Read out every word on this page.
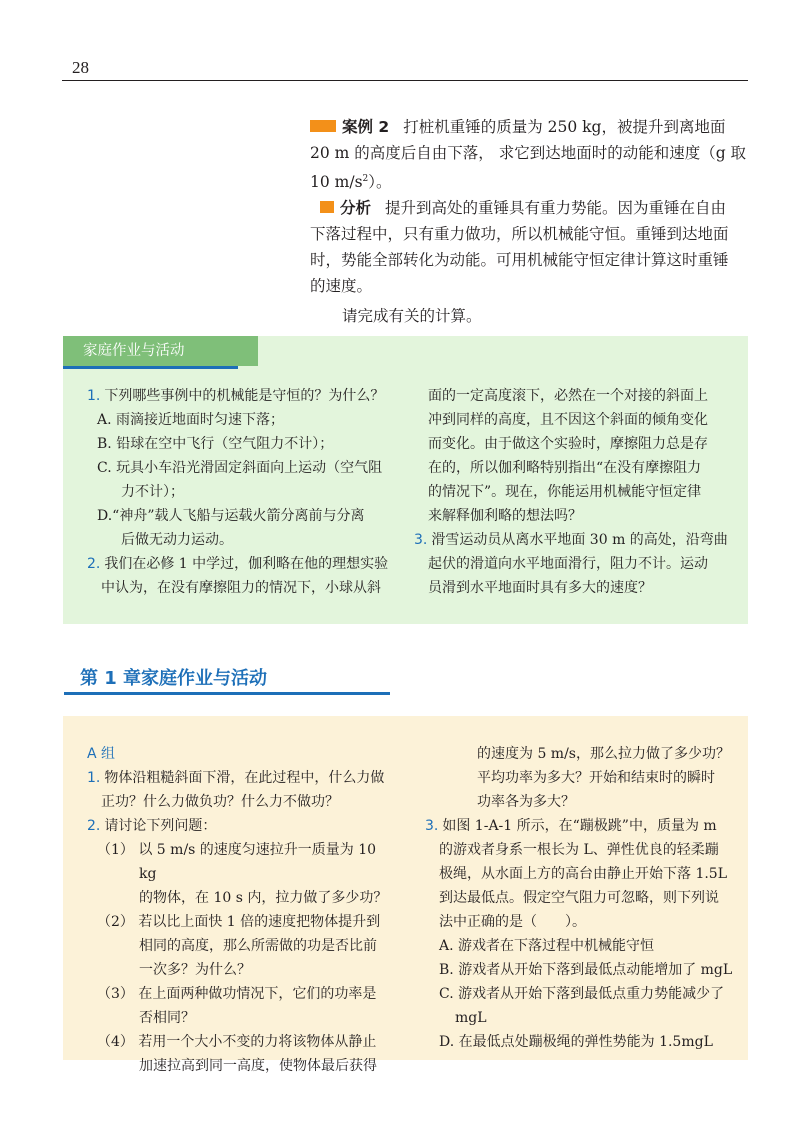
28

案例 2 打桩机重锤的质量为 250 kg，被提升到离地面

20 m 的高度后自由下落， 求它到达地面时的动能和速度（g 取

10 $m/s^2$）。

分析 提升到高处的重锤具有重力势能。因为重锤在自由

下落过程中，只有重力做功，所以机械能守恒。重锤到达地面

时，势能全部转化为动能。可用机械能守恒定律计算这时重锤

的速度。

请完成有关的计算。

家庭作业与活动

1. 下列哪些事例中的机械能是守恒的？为什么？

A. 雨滴接近地面时匀速下落；

B. 铅球在空中飞行（空气阻力不计）；

C. 玩具小车沿光滑固定斜面向上运动（空气阻

力不计）；

D.“神舟”载人飞船与运载火箭分离前与分离

后做无动力运动。

2. 我们在必修 1 中学过，伽利略在他的理想实验

中认为，在没有摩擦阻力的情况下，小球从斜

面的一定高度滚下，必然在一个对接的斜面上

冲到同样的高度，且不因这个斜面的倾角变化

而变化。由于做这个实验时，摩擦阻力总是存

在的，所以伽利略特别指出“在没有摩擦阻力

的情况下”。现在，你能运用机械能守恒定律

来解释伽利略的想法吗？

3. 滑雪运动员从离水平地面 30 m 的高处，沿弯曲

起伏的滑道向水平地面滑行，阻力不计。运动

员滑到水平地面时具有多大的速度？

第 1 章家庭作业与活动

A 组

1. 物体沿粗糙斜面下滑，在此过程中，什么力做

正功？什么力做负功？什么力不做功？

2. 请讨论下列问题：

（1） 以 5 m/s 的速度匀速拉升一质量为 10 kg

的物体，在 10 s 内，拉力做了多少功？

（2） 若以比上面快 1 倍的速度把物体提升到

相同的高度，那么所需做的功是否比前

一次多？为什么？

（3） 在上面两种做功情况下，它们的功率是

否相同？

（4） 若用一个大小不变的力将该物体从静止

加速拉高到同一高度，使物体最后获得

的速度为 5 m/s，那么拉力做了多少功？

平均功率为多大？开始和结束时的瞬时

功率各为多大？

3. 如图 1-A-1 所示，在“蹦极跳”中，质量为 m

的游戏者身系一根长为 L、弹性优良的轻柔蹦

极绳，从水面上方的高台由静止开始下落 1.5L

到达最低点。假定空气阻力可忽略，则下列说

法中正确的是（　　）。

A. 游戏者在下落过程中机械能守恒

B. 游戏者从开始下落到最低点动能增加了 mgL

C. 游戏者从开始下落到最低点重力势能减少了

mgL

D. 在最低点处蹦极绳的弹性势能为 1.5mgL
